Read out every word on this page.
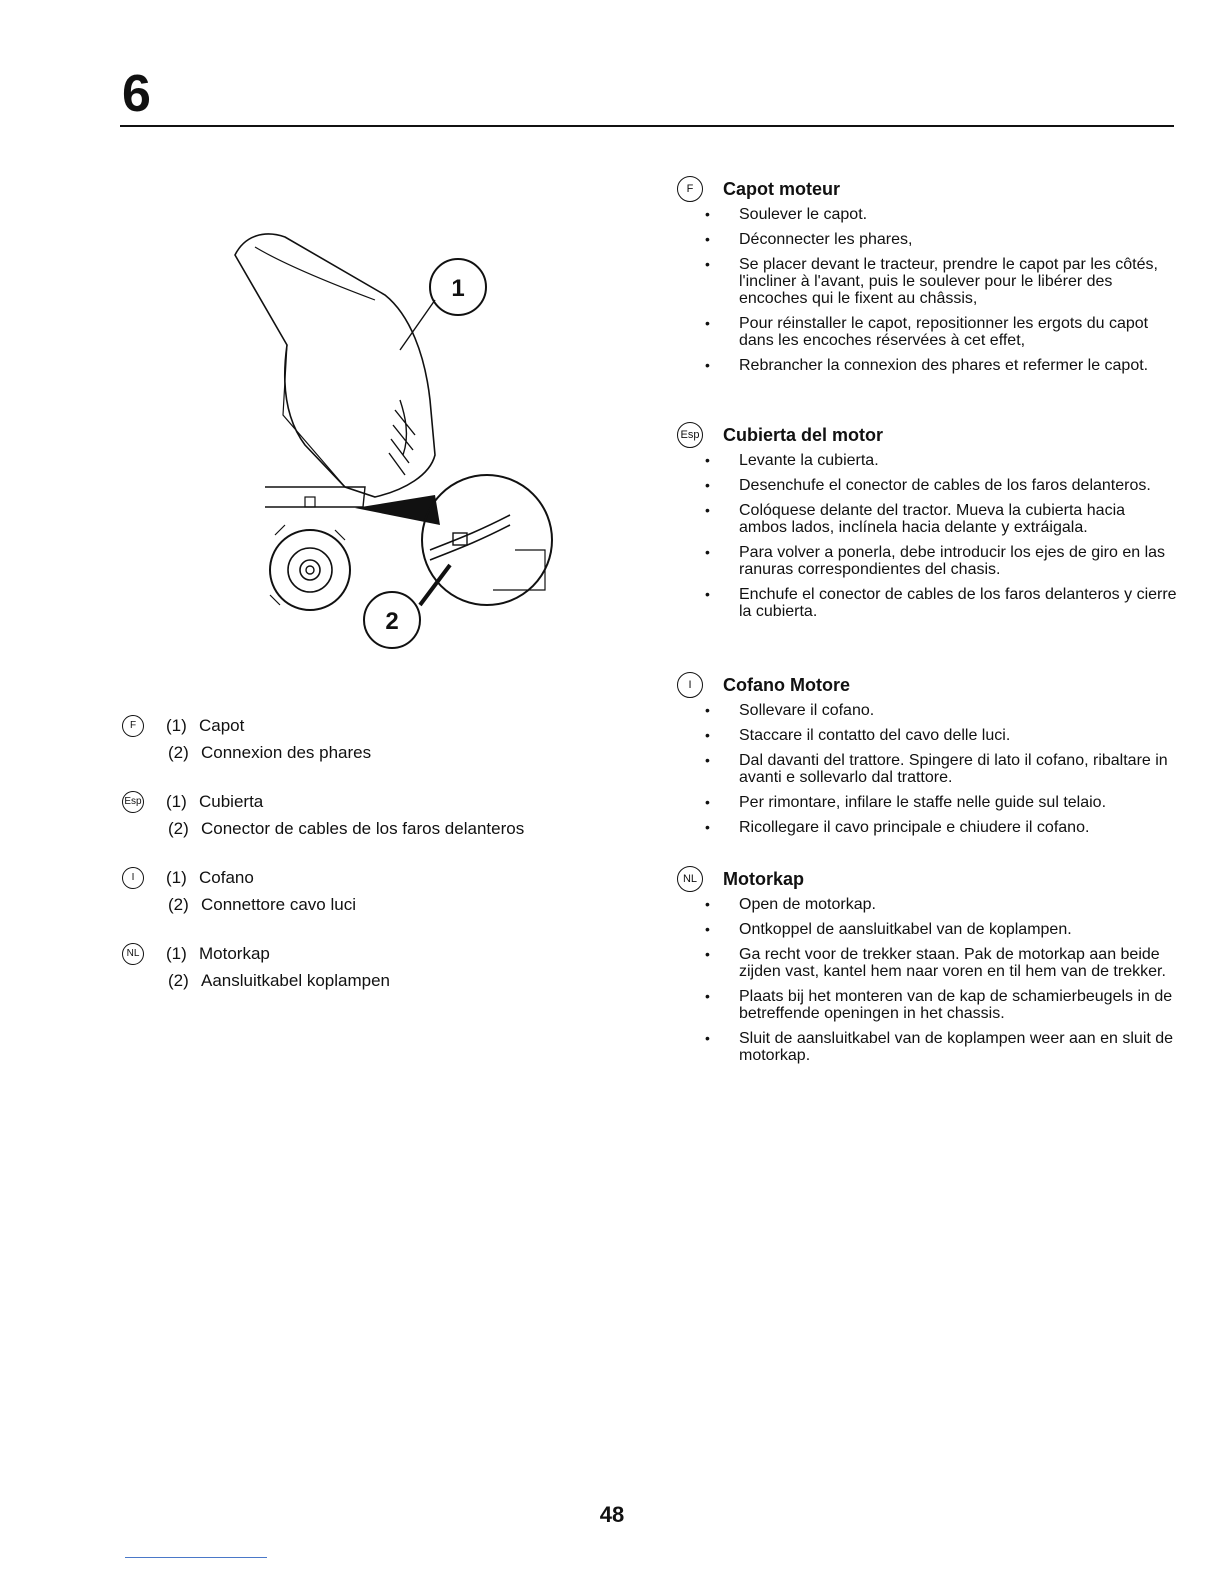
6
1
2
F	(1) Capot
(2) Connexion des phares
Esp (1) Cubierta
(2) Conector de cables de los faros delanteros
I	(1) Cofano
(2) Connettore cavo luci
NL (1) Motorkap
(2) Aansluitkabel koplampen
F	Capot moteur
• Soulever le capot.
• Déconnecter les phares,
• Se placer devant le tracteur, prendre le capot par les côtés, l'incliner à l'avant, puis le soulever pour le libérer des encoches qui le fixent au châssis,
• Pour réinstaller le capot, repositionner les ergots du capot dans les encoches réservées à cet effet,
• Rebrancher la connexion des phares et refermer le capot.
Esp Cubierta del motor
• Levante la cubierta.
• Desenchufe el conector de cables de los faros delanteros.
• Colóquese delante del tractor. Mueva la cubierta hacia ambos lados, inclínela hacia delante y extráigala.
• Para volver a ponerla, debe introducir los ejes de giro en las ranuras correspondientes del chasis.
• Enchufe el conector de cables de los faros delanteros y cierre la cubierta.
I	Cofano Motore
• Sollevare il cofano.
• Staccare il contatto del cavo delle luci.
• Dal davanti del trattore. Spingere di lato il cofano, ribaltare in avanti e sollevarlo dal trattore.
• Per rimontare, infilare le staffe nelle guide sul telaio.
• Ricollegare il cavo principale e chiudere il cofano.
NL	Motorkap
• Open de motorkap.
• Ontkoppel de aansluitkabel van de koplampen.
• Ga recht voor de trekker staan. Pak de motorkap aan beide zijden vast, kantel hem naar voren en til hem van de trekker.
• Plaats bij het monteren van de kap de schamierbeugels in de betreffende openingen in het chassis.
• Sluit de aansluitkabel van de koplampen weer aan en sluit de motorkap.
48
